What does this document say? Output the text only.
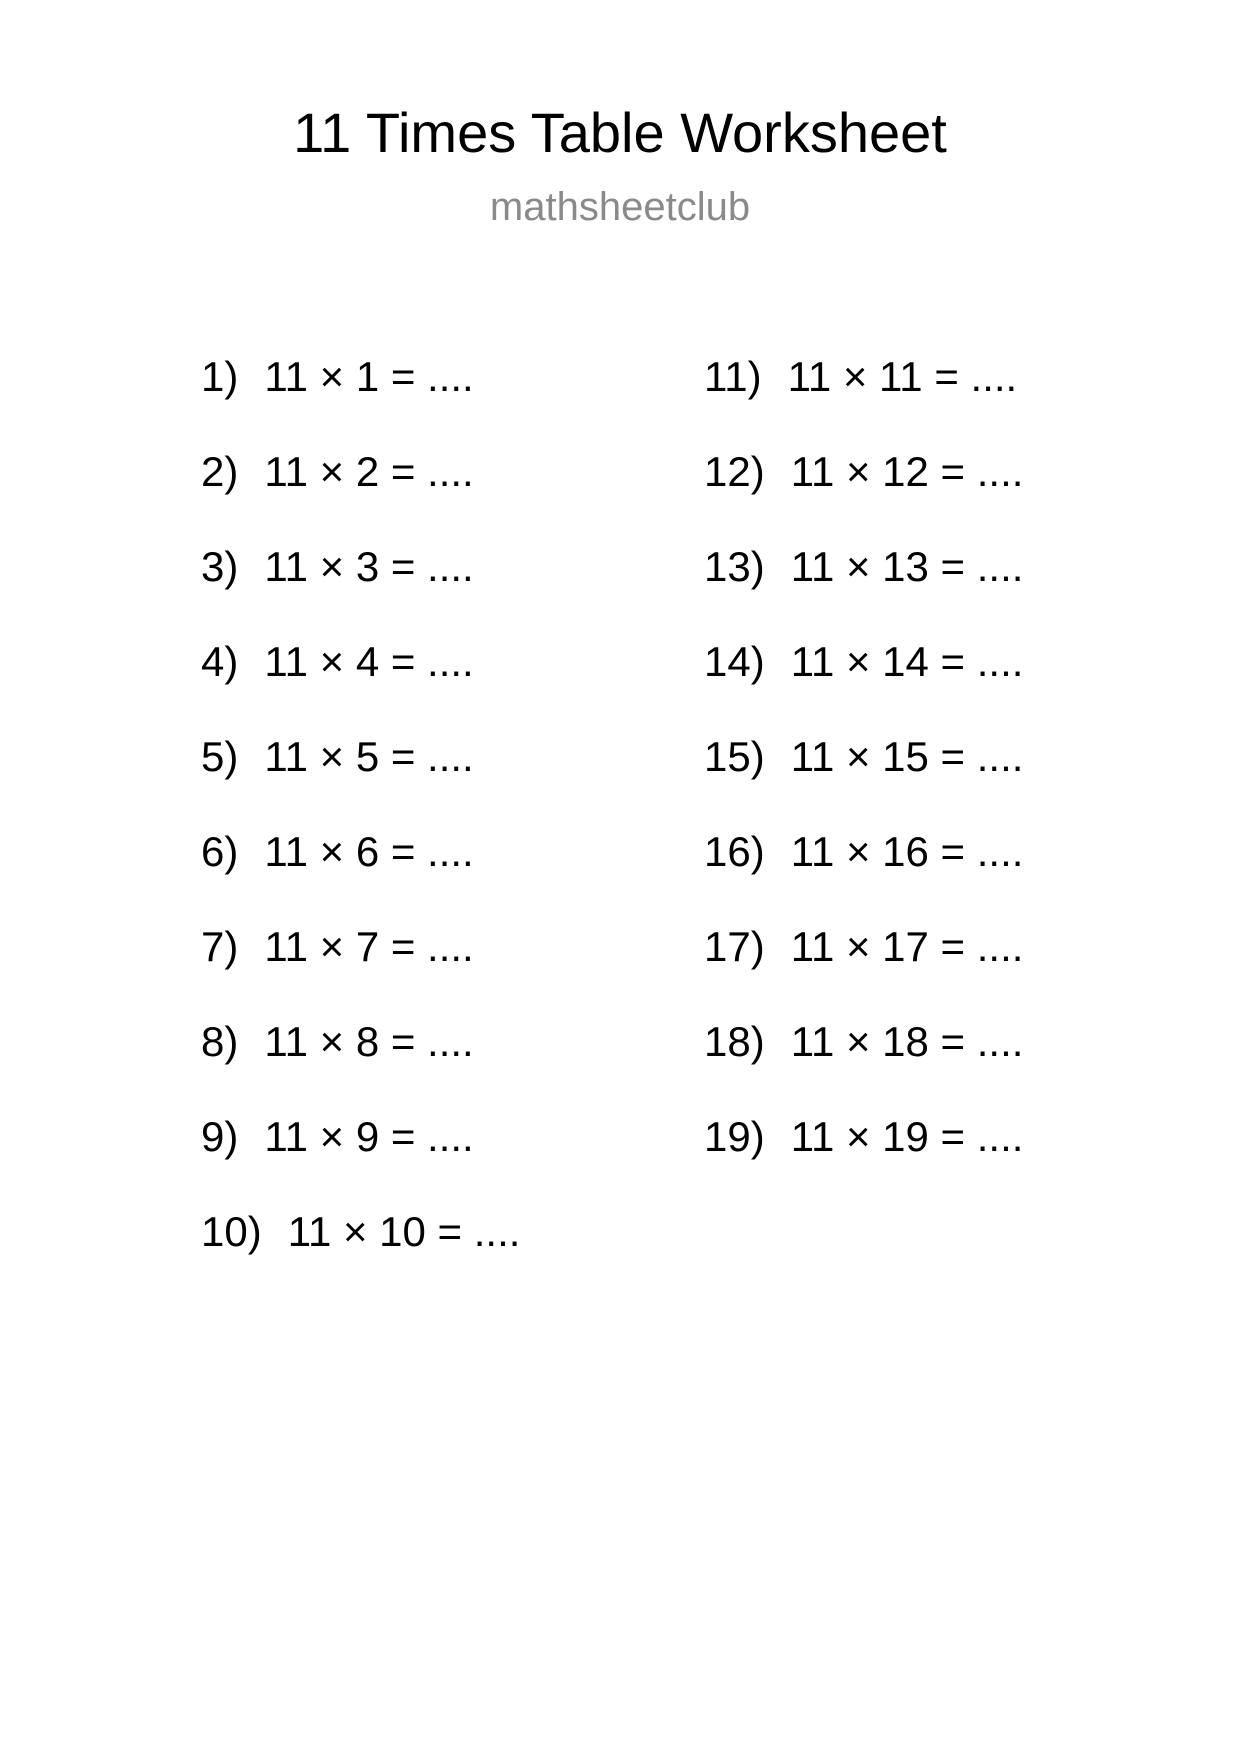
11 Times Table Worksheet
mathsheetclub
1) 11 × 1 = ....
2) 11 × 2 = ....
3) 11 × 3 = ....
4) 11 × 4 = ....
5) 11 × 5 = ....
6) 11 × 6 = ....
7) 11 × 7 = ....
8) 11 × 8 = ....
9) 11 × 9 = ....
10) 11 × 10 = ....
11) 11 × 11 = ....
12) 11 × 12 = ....
13) 11 × 13 = ....
14) 11 × 14 = ....
15) 11 × 15 = ....
16) 11 × 16 = ....
17) 11 × 17 = ....
18) 11 × 18 = ....
19) 11 × 19 = ....
